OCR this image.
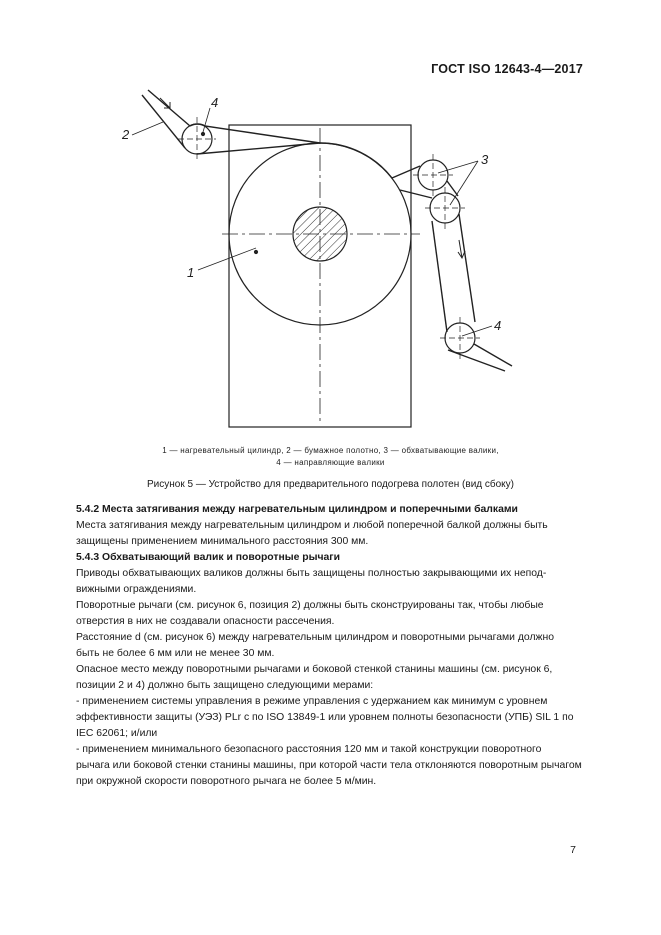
ГОСТ ISO 12643-4—2017
4
2
3
1
4
1 — нагревательный цилиндр, 2 — бумажное полотно, 3 — обхватывающие валики,
4 — направляющие валики
Рисунок 5 — Устройство для предварительного подогрева полотен (вид сбоку)

5.4.2 Места затягивания между нагревательным цилиндром и поперечными балками

Места затягивания между нагревательным цилиндром и любой поперечной балкой должны быть
защищены применением минимального расстояния 300 мм.

5.4.3 Обхватывающий валик и поворотные рычаги

Приводы обхватывающих валиков должны быть защищены полностью закрывающими их непод-
вижными ограждениями.

Поворотные рычаги (см. рисунок 6, позиция 2) должны быть сконструированы так, чтобы любые
отверстия в них не создавали опасности рассечения.

Расстояние d (см. рисунок 6) между нагревательным цилиндром и поворотными рычагами должно
быть не более 6 мм или не менее 30 мм.

Опасное место между поворотными рычагами и боковой стенкой станины машины (см. рисунок 6,
позиции 2 и 4) должно быть защищено следующими мерами:

- применением системы управления в режиме управления с удержанием как минимум с уровнем
эффективности защиты (УЭЗ) PLr c по ISO 13849-1 или уровнем полноты безопасности (УПБ) SIL 1 по
IEC 62061; и/или

- применением минимального безопасного расстояния 120 мм и такой конструкции поворотного
рычага или боковой стенки станины машины, при которой части тела отклоняются поворотным рычагом
при окружной скорости поворотного рычага не более 5 м/мин.

7
